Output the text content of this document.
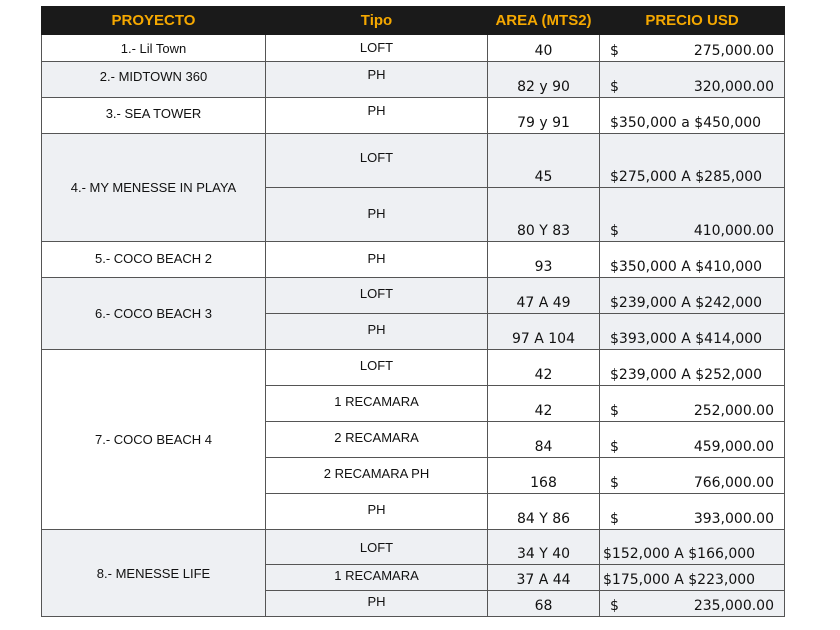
PROYECTO	Tipo	AREA (MTS2)	PRECIO USD
1.- Lil Town	LOFT	40	$ 275,000.00

2.- MIDTOWN 360	PH	82 y 90	$ 320,000.00

3.- SEA TOWER	PH	79 y 91	$350,000 a $450,000
4.- MY MENESSE IN PLAYA	LOFT	45	$275,000 A $285,000
	PH	80 Y 83	$ 410,000.00

5.- COCO BEACH 2	PH	93	$350,000 A $410,000
6.- COCO BEACH 3	LOFT	47 A 49	$239,000 A $242,000
	PH	97 A 104	$393,000 A $414,000
7.- COCO BEACH 4	LOFT	42	$239,000 A $252,000
	1 RECAMARA	42	$ 252,000.00

	2 RECAMARA	84	$ 459,000.00

	2 RECAMARA PH	168	$ 766,000.00

	PH	84 Y 86	$ 393,000.00

8.- MENESSE LIFE	LOFT	34 Y 40	$152,000 A $166,000
	1 RECAMARA	37 A 44	$175,000 A $223,000
	PH	68	$ 235,000.00
